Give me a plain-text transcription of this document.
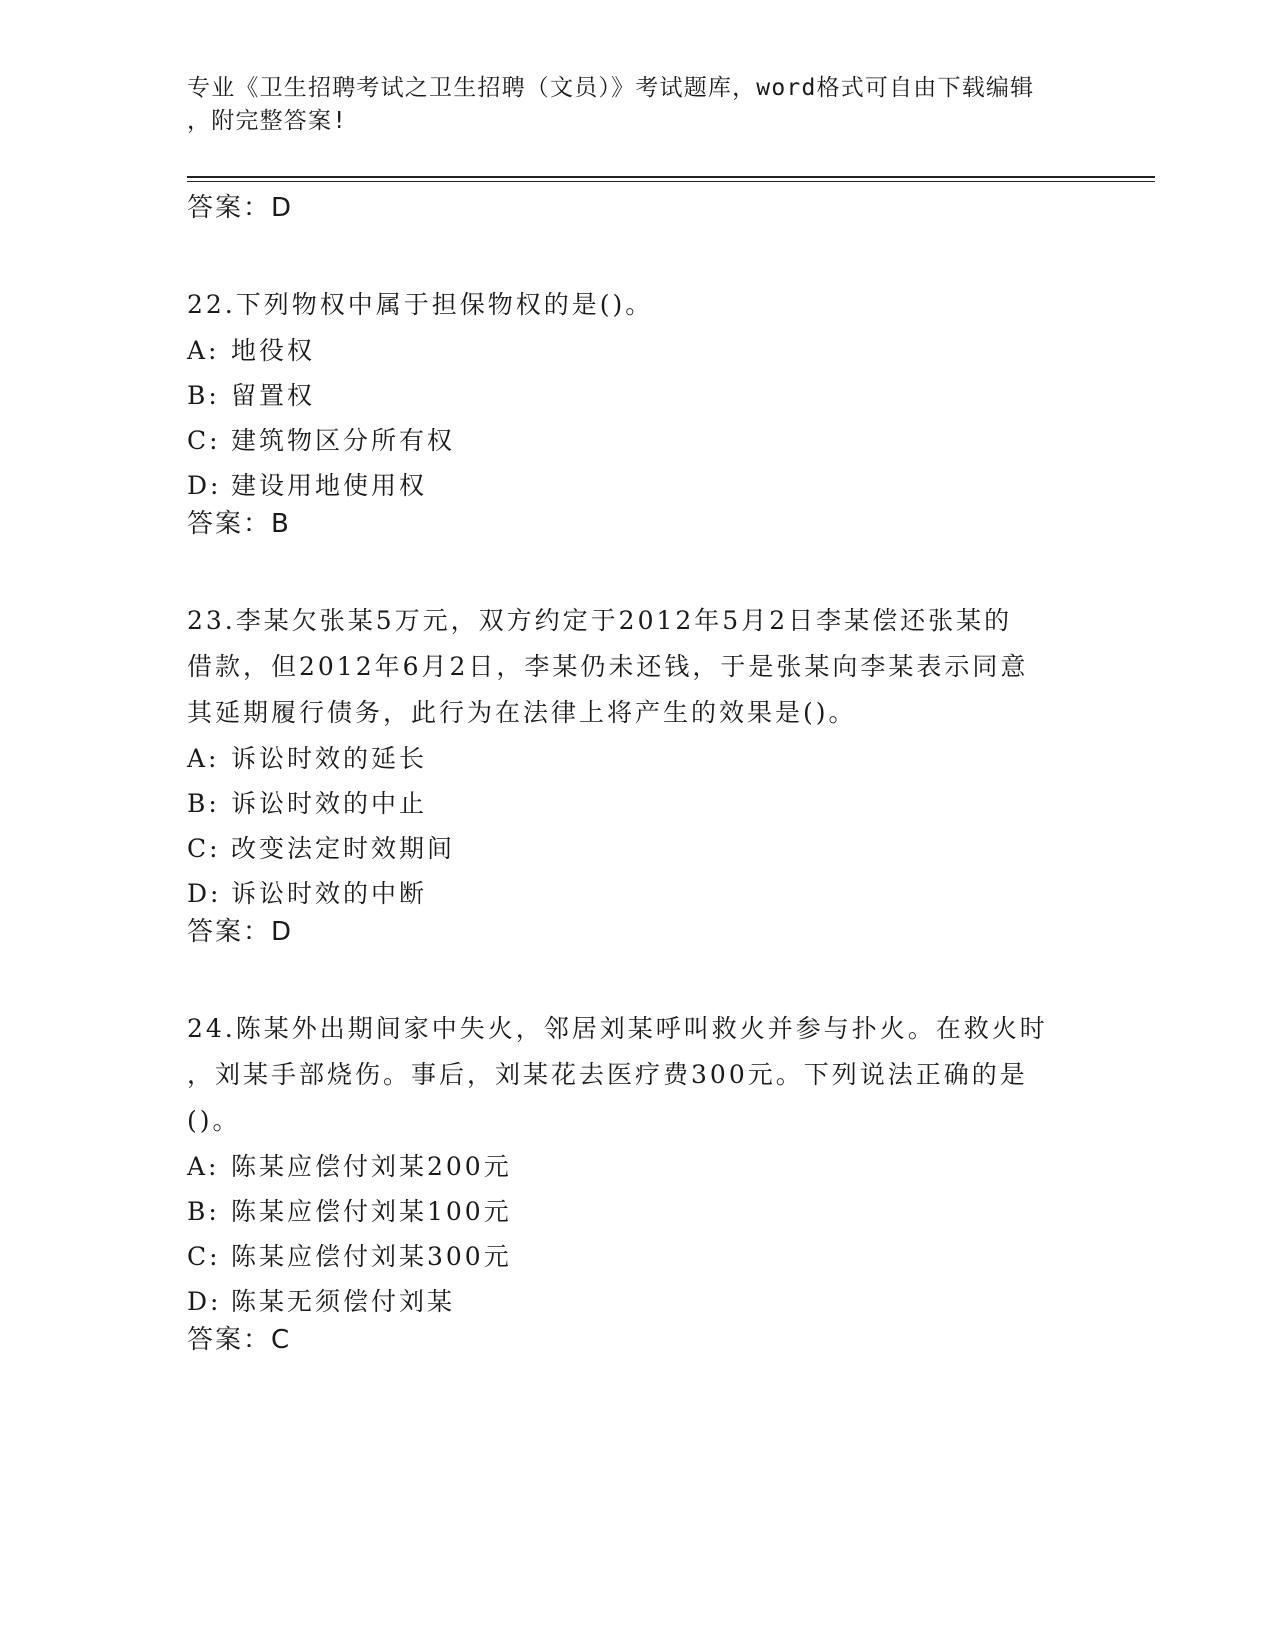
专业《卫生招聘考试之卫生招聘（文员）》考试题库，word格式可自由下载编辑
，附完整答案!
答案：D
22.下列物权中属于担保物权的是()。
A: 地役权
B: 留置权
C: 建筑物区分所有权
D: 建设用地使用权
答案：B
23.李某欠张某5万元，双方约定于2012年5月2日李某偿还张某的
借款，但2012年6月2日，李某仍未还钱，于是张某向李某表示同意
其延期履行债务，此行为在法律上将产生的效果是()。
A: 诉讼时效的延长
B: 诉讼时效的中止
C: 改变法定时效期间
D: 诉讼时效的中断
答案：D
24.陈某外出期间家中失火，邻居刘某呼叫救火并参与扑火。在救火时
，刘某手部烧伤。事后，刘某花去医疗费300元。下列说法正确的是
()。
A: 陈某应偿付刘某200元
B: 陈某应偿付刘某100元
C: 陈某应偿付刘某300元
D: 陈某无须偿付刘某
答案：C
